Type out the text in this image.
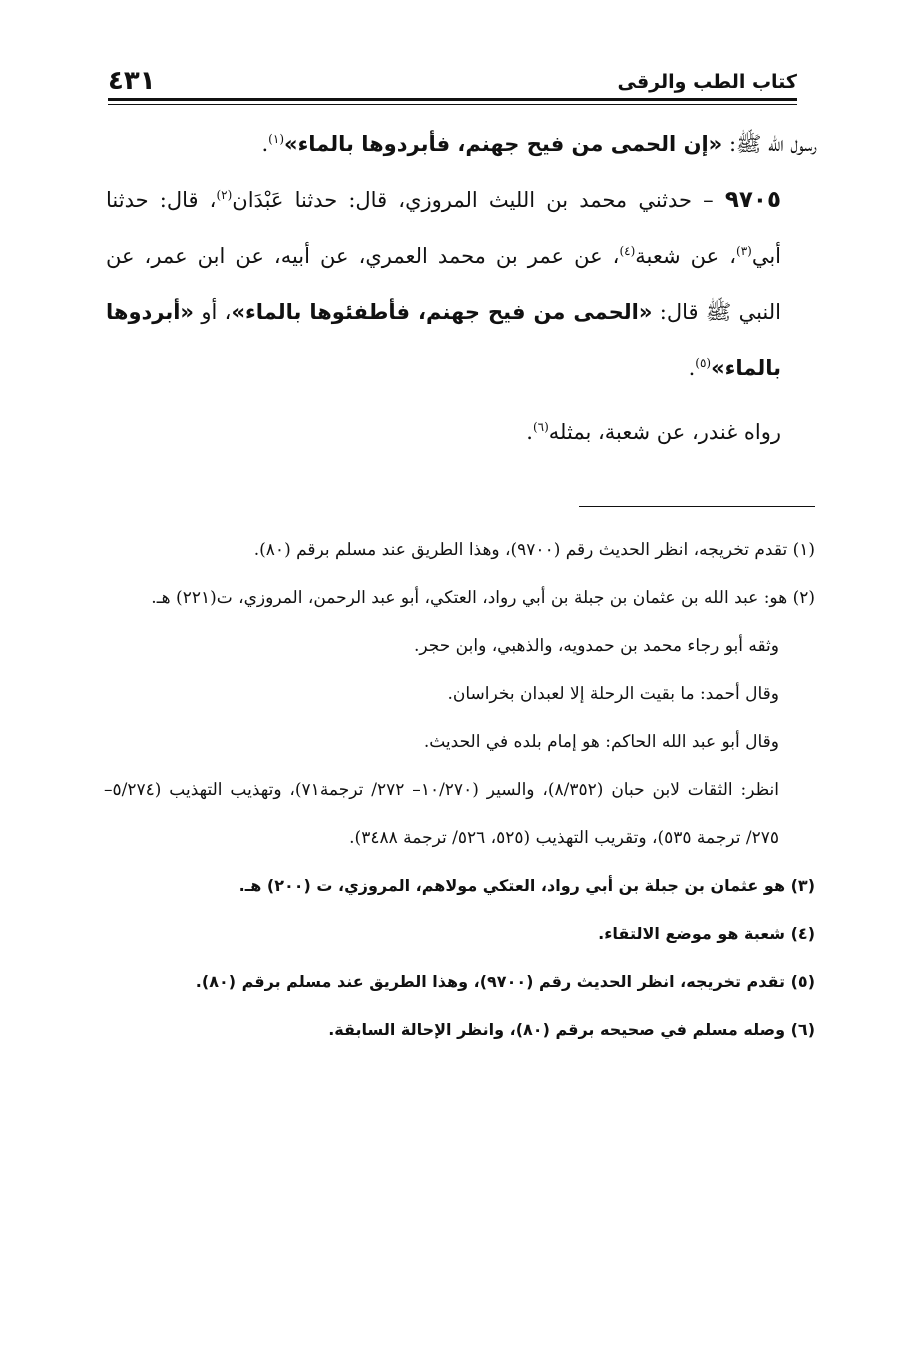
كتاب الطب والرقى
٤٣١

رسول الله ﷺ: «إن الحمى من فيح جهنم، فأبردوها بالماء»$^{(١)}$.

٩٧٠٥ – حدثني محمد بن الليث المروزي، قال: حدثنا عَبْدَان$^{(٢)}$، قال: حدثنا أبي$^{(٣)}$، عن شعبة$^{(٤)}$، عن عمر بن محمد العمري، عن أبيه، عن ابن عمر، عن النبي ﷺ قال: «الحمى من فيح جهنم، فأطفئوها بالماء»، أو «أبردوها بالماء»$^{(٥)}$.

رواه غندر، عن شعبة، بمثله$^{(٦)}$.

(١) تقدم تخريجه، انظر الحديث رقم (٩٧٠٠)، وهذا الطريق عند مسلم برقم (٨٠).

(٢) هو: عبد الله بن عثمان بن جبلة بن أبي رواد، العتكي، أبو عبد الرحمن، المروزي، ت(٢٢١) هـ.

وثقه أبو رجاء محمد بن حمدويه، والذهبي، وابن حجر.

وقال أحمد: ما بقيت الرحلة إلا لعبدان بخراسان.

وقال أبو عبد الله الحاكم: هو إمام بلده في الحديث.

انظر: الثقات لابن حبان (٨/٣٥٢)، والسير (١٠/٢٧٠– ٢٧٢/ ترجمة٧١)، وتهذيب التهذيب (٥/٢٧٤– ٢٧٥/ ترجمة ٥٣٥)، وتقريب التهذيب (٥٢٥، ٥٢٦/ ترجمة ٣٤٨٨).

(٣) هو عثمان بن جبلة بن أبي رواد، العتكي مولاهم، المروزي، ت (٢٠٠) هـ.

(٤) شعبة هو موضع الالتقاء.

(٥) تقدم تخريجه، انظر الحديث رقم (٩٧٠٠)، وهذا الطريق عند مسلم برقم (٨٠).

(٦) وصله مسلم في صحيحه برقم (٨٠)، وانظر الإحالة السابقة.
